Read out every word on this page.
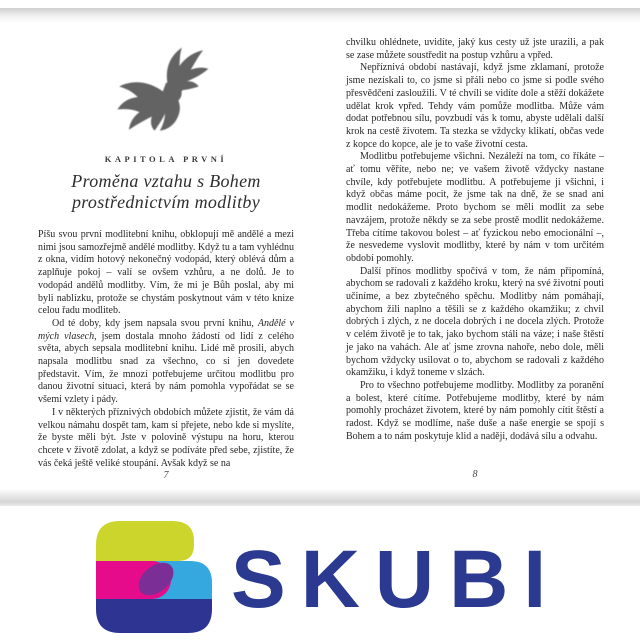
KAPITOLA PRVNÍ
Proměna vztahu s Bohem
prostřednictvím modlitby

Píšu svou první modlitební knihu, obklopují mě andělé a mezi nimi jsou samozřejmě andělé modlitby. Když tu a tam vyhlédnu z okna, vidím hotový nekonečný vodopád, který oblévá dům a zaplňuje pokoj – valí se ovšem vzhůru, a ne dolů. Je to vodopád andělů modlitby. Vím, že mi je Bůh poslal, aby mi byli nablízku, protože se chystám poskytnout vám v této knize celou řadu modliteb.

Od té doby, kdy jsem napsala svou první knihu, Andělé v mých vlasech, jsem dostala mnoho žádostí od lidí z celého světa, abych sepsala modlitební knihu. Lidé mě prosili, abych napsala modlitbu snad za všechno, co si jen dovedete představit. Vím, že mnozí potřebujeme určitou modlitbu pro danou životní situaci, která by nám pomohla vypořádat se se všemi vzlety i pády.

I v některých příznivých obdobích můžete zjistit, že vám dá velkou námahu dospět tam, kam si přejete, nebo kde si myslíte, že byste měli být. Jste v polovině výstupu na horu, kterou chcete v životě zdolat, a když se podíváte před sebe, zjistíte, že vás čeká ještě veliké stoupání. Avšak když se na

chvilku ohlédnete, uvidíte, jaký kus cesty už jste urazili, a pak se zase můžete soustředit na postup vzhůru a vpřed.

Nepříznivá období nastávají, když jsme zklamaní, protože jsme nezískali to, co jsme si přáli nebo co jsme si podle svého přesvědčení zasloužili. V té chvíli se vidíte dole a stěží dokážete udělat krok vpřed. Tehdy vám pomůže modlitba. Může vám dodat potřebnou sílu, povzbudí vás k tomu, abyste udělali další krok na cestě životem. Ta stezka se vždycky klikatí, občas vede z kopce do kopce, ale je to vaše životní cesta.

Modlitbu potřebujeme všichni. Nezáleží na tom, co říkáte – ať tomu věříte, nebo ne; ve vašem životě vždycky nastane chvíle, kdy potřebujete modlitbu. A potřebujeme ji všichni, i když občas máme pocit, že jsme tak na dně, že se snad ani modlit nedokážeme. Proto bychom se měli modlit za sebe navzájem, protože někdy se za sebe prostě modlit nedokážeme. Třeba cítíme takovou bolest – ať fyzickou nebo emocionální –, že nesvedeme vyslovit modlitby, které by nám v tom určitém období pomohly.

Další přínos modlitby spočívá v tom, že nám připomíná, abychom se radovali z každého kroku, který na své životní pouti učiníme, a bez zbytečného spěchu. Modlitby nám pomáhají, abychom žili naplno a těšili se z každého okamžiku; z chvil dobrých i zlých, z ne docela dobrých i ne docela zlých. Protože v celém životě je to tak, jako bychom stáli na váze; i naše štěstí je jako na vahách. Ale ať jsme zrovna nahoře, nebo dole, měli bychom vždycky usilovat o to, abychom se radovali z každého okamžiku, i když toneme v slzách.

Pro to všechno potřebujeme modlitby. Modlitby za poranění a bolest, které cítíme. Potřebujeme modlitby, které by nám pomohly procházet životem, které by nám pomohly cítit štěstí a radost. Když se modlíme, naše duše a naše energie se spojí s Bohem a to nám poskytuje klid a naději, dodává sílu a odvahu.

7	8
SKUBI
